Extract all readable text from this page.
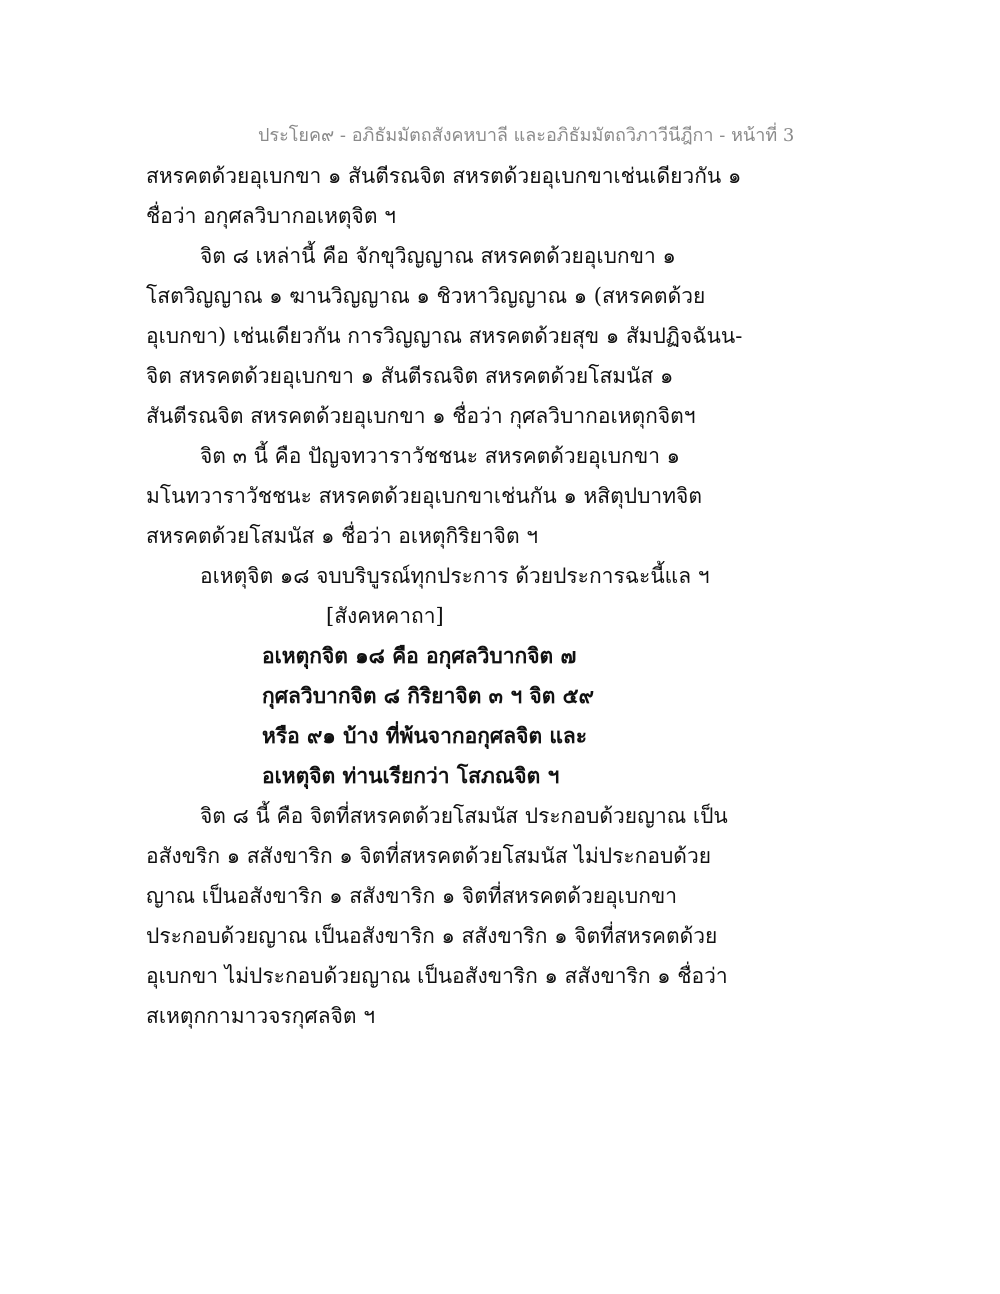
ประโยค๙ - อภิธัมมัตถสังคหบาลี และอภิธัมมัตถวิภาวีนีฎีกา - หน้าที่ 3
สหรคตด้วยอุเบกขา ๑ สันตีรณจิต สหรตด้วยอุเบกขาเช่นเดียวกัน ๑
ชื่อว่า อกุศลวิบากอเหตุจิต ฯ
จิต ๘ เหล่านี้ คือ จักขุวิญญาณ สหรคตด้วยอุเบกขา ๑
โสตวิญญาณ ๑ ฆานวิญญาณ ๑ ชิวหาวิญญาณ ๑ (สหรคตด้วย
อุเบกขา) เช่นเดียวกัน การวิญญาณ สหรคตด้วยสุข ๑ สัมปฏิจฉันน-
จิต สหรคตด้วยอุเบกขา ๑ สันตีรณจิต สหรคตด้วยโสมนัส ๑
สันตีรณจิต สหรคตด้วยอุเบกขา ๑ ชื่อว่า กุศลวิบากอเหตุกจิตฯ
จิต ๓ นี้ คือ ปัญจทวาราวัชชนะ สหรคตด้วยอุเบกขา ๑
มโนทวาราวัชชนะ สหรคตด้วยอุเบกขาเช่นกัน ๑ หสิตุปบาทจิต
สหรคตด้วยโสมนัส ๑ ชื่อว่า อเหตุกิริยาจิต ฯ
อเหตุจิต ๑๘ จบบริบูรณ์ทุกประการ ด้วยประการฉะนี้แล ฯ
[สังคหคาถา]
อเหตุกจิต ๑๘ คือ อกุศลวิบากจิต ๗
กุศลวิบากจิต ๘ กิริยาจิต ๓ ฯ จิต ๕๙
หรือ ๙๑ บ้าง ที่พ้นจากอกุศลจิต และ
อเหตุจิต ท่านเรียกว่า โสภณจิต ฯ
จิต ๘ นี้ คือ จิตที่สหรคตด้วยโสมนัส ประกอบด้วยญาณ เป็น
อสังขริก ๑ สสังขาริก ๑ จิตที่สหรคตด้วยโสมนัส ไม่ประกอบด้วย
ญาณ เป็นอสังขาริก ๑ สสังขาริก ๑ จิตที่สหรคตด้วยอุเบกขา
ประกอบด้วยญาณ เป็นอสังขาริก ๑ สสังขาริก ๑ จิตที่สหรคตด้วย
อุเบกขา ไม่ประกอบด้วยญาณ เป็นอสังขาริก ๑ สสังขาริก ๑ ชื่อว่า
สเหตุกกามาวจรกุศลจิต ฯ
